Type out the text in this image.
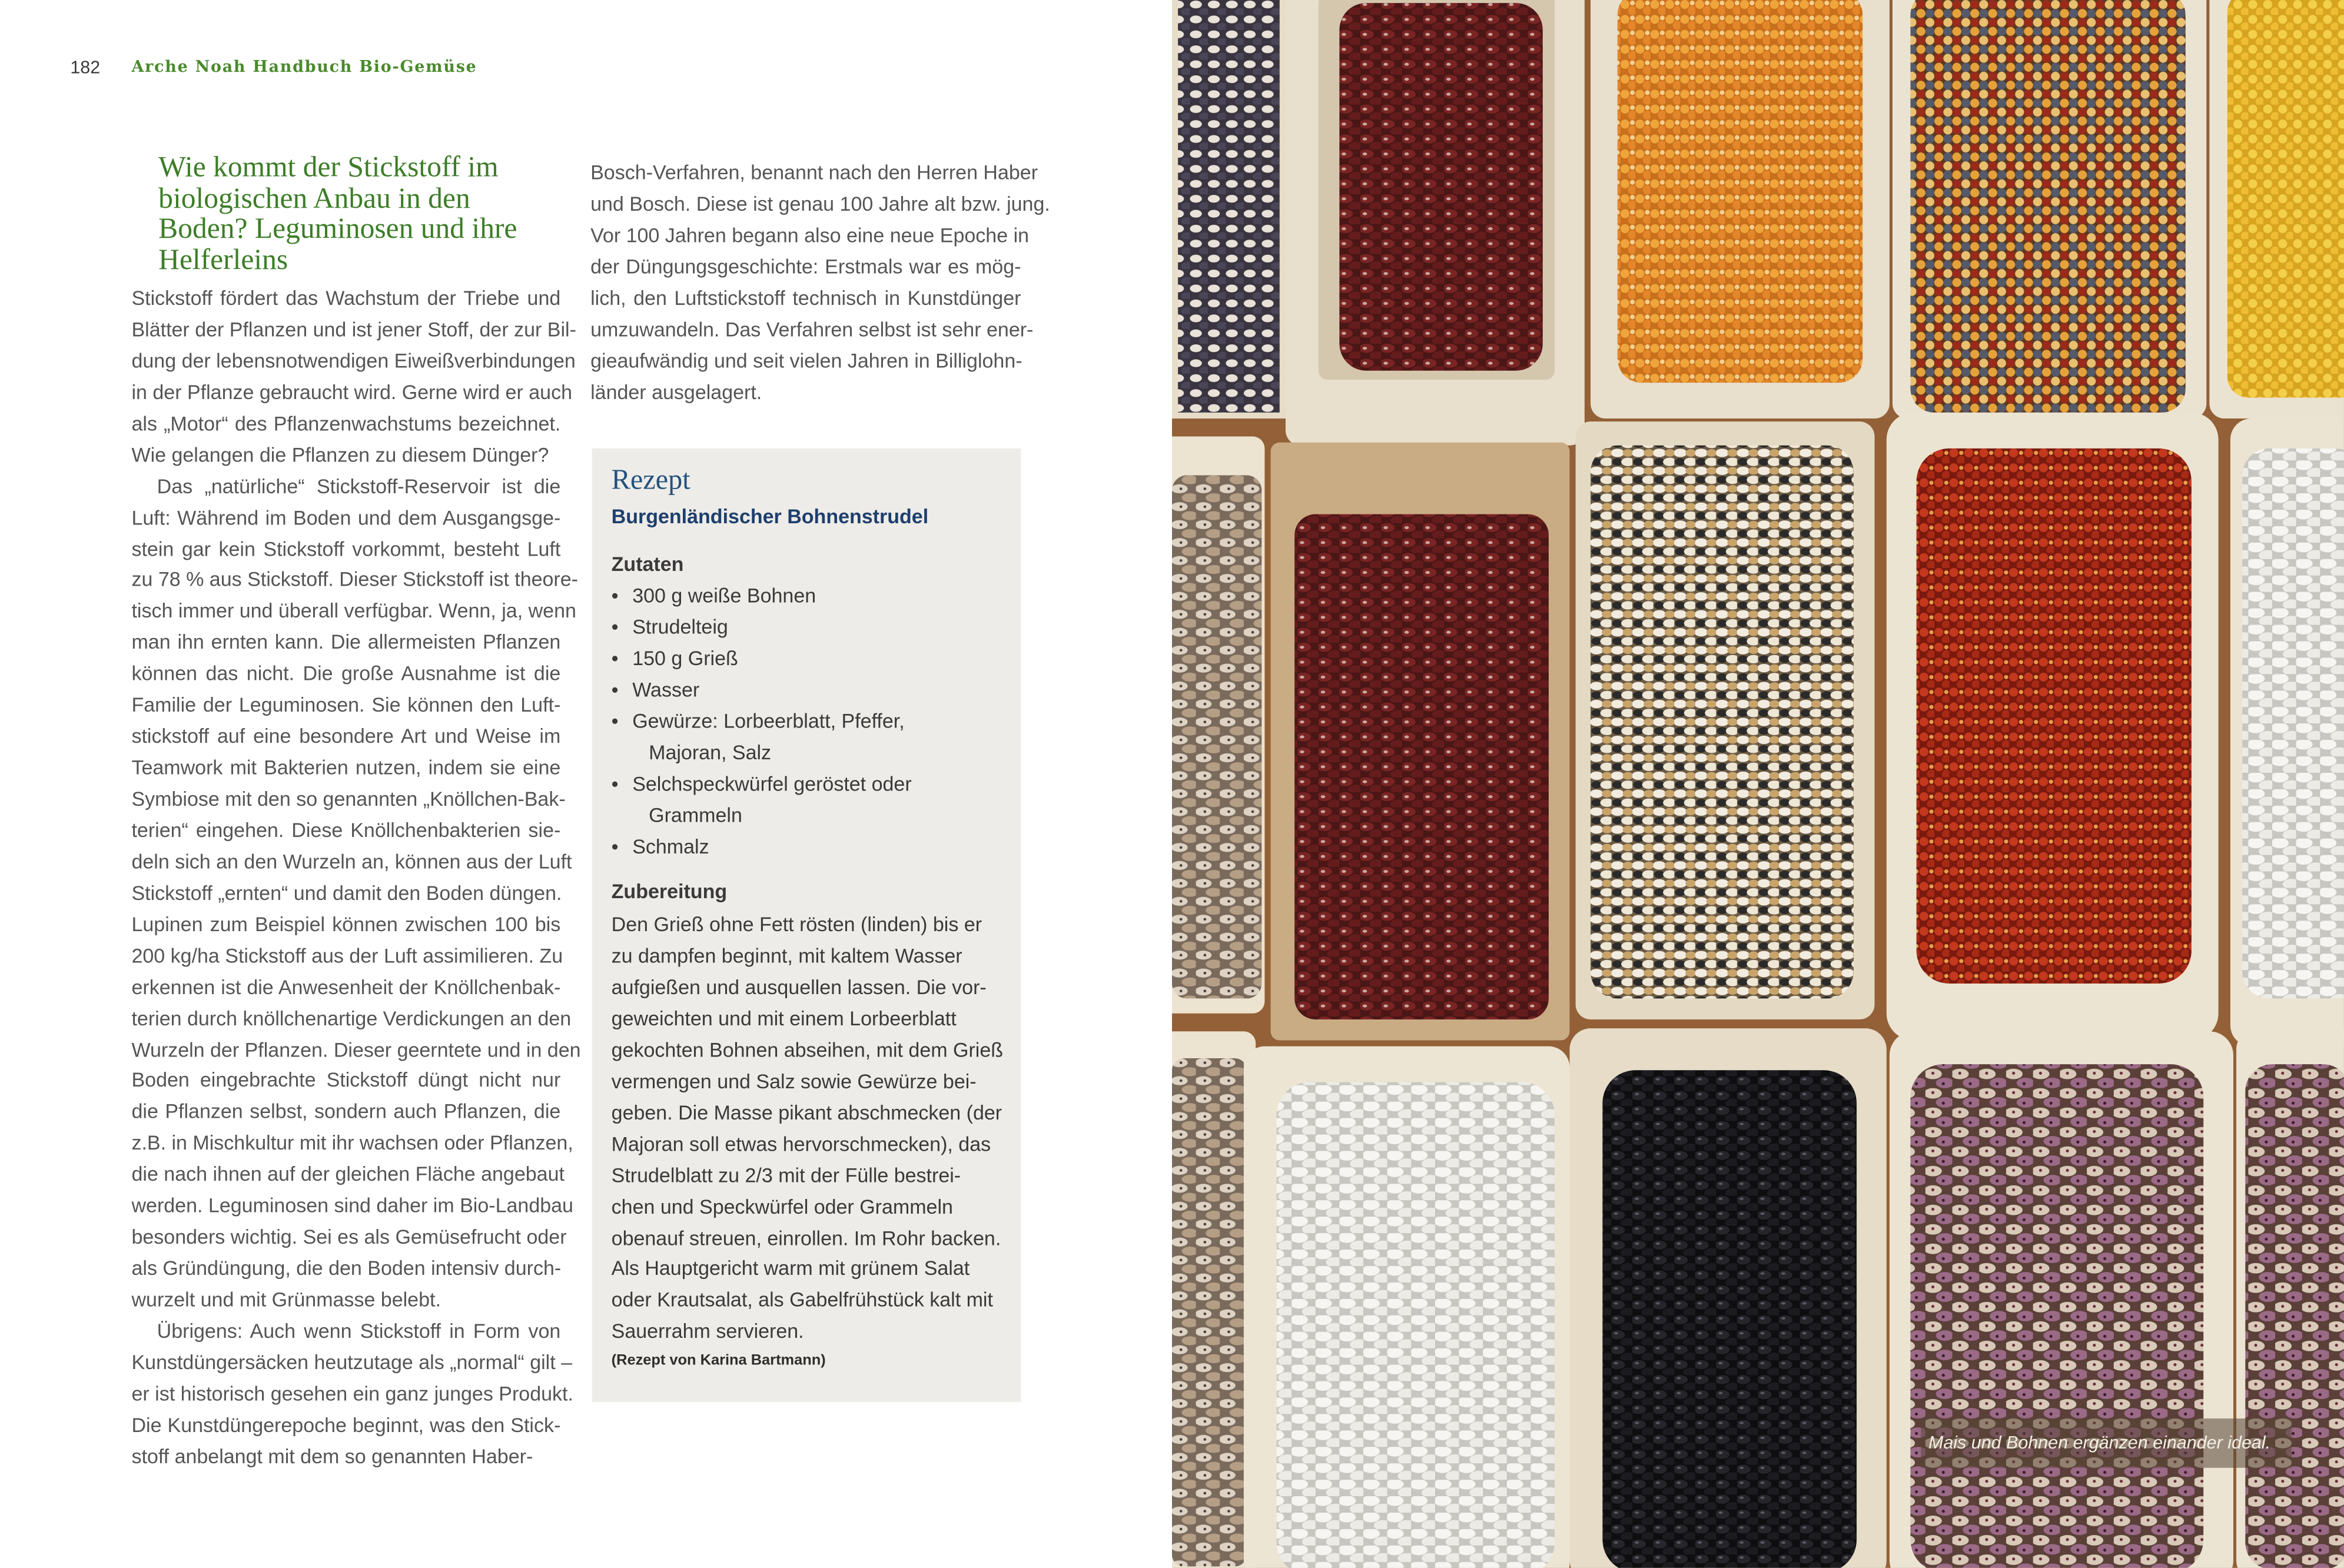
182	Arche Noah Handbuch Bio-Gemüse
Wie kommt der Stickstoff im
biologischen Anbau in den
Boden? Leguminosen und ihre
Helferleins
Stickstoff fördert das Wachstum der Triebe und
Blätter der Pflanzen und ist jener Stoff, der zur Bil-
dung der lebensnotwendigen Eiweißverbindungen
in der Pflanze gebraucht wird. Gerne wird er auch
als „Motor“ des Pflanzenwachstums bezeichnet.
Wie gelangen die Pflanzen zu diesem Dünger?
Das „natürliche“ Stickstoff-Reservoir ist die
Luft: Während im Boden und dem Ausgangsge-
stein gar kein Stickstoff vorkommt, besteht Luft
zu 78 % aus Stickstoff. Dieser Stickstoff ist theore-
tisch immer und überall verfügbar. Wenn, ja, wenn
man ihn ernten kann. Die allermeisten Pflanzen
können das nicht. Die große Ausnahme ist die
Familie der Leguminosen. Sie können den Luft-
stickstoff auf eine besondere Art und Weise im
Teamwork mit Bakterien nutzen, indem sie eine
Symbiose mit den so genannten „Knöllchen-Bak-
terien“ eingehen. Diese Knöllchenbakterien sie-
deln sich an den Wurzeln an, können aus der Luft
Stickstoff „ernten“ und damit den Boden düngen.
Lupinen zum Beispiel können zwischen 100 bis
200 kg/ha Stickstoff aus der Luft assimilieren. Zu
erkennen ist die Anwesenheit der Knöllchenbak-
terien durch knöllchenartige Verdickungen an den
Wurzeln der Pflanzen. Dieser geerntete und in den
Boden eingebrachte Stickstoff düngt nicht nur
die Pflanzen selbst, sondern auch Pflanzen, die
z.B. in Mischkultur mit ihr wachsen oder Pflanzen,
die nach ihnen auf der gleichen Fläche angebaut
werden. Leguminosen sind daher im Bio-Landbau
besonders wichtig. Sei es als Gemüsefrucht oder
als Gründüngung, die den Boden intensiv durch-
wurzelt und mit Grünmasse belebt.
Übrigens: Auch wenn Stickstoff in Form von
Kunstdüngersäcken heutzutage als „normal“ gilt –
er ist historisch gesehen ein ganz junges Produkt.
Die Kunstdüngerepoche beginnt, was den Stick-
stoff anbelangt mit dem so genannten Haber-
Bosch-Verfahren, benannt nach den Herren Haber
und Bosch. Diese ist genau 100 Jahre alt bzw. jung.
Vor 100 Jahren begann also eine neue Epoche in
der Düngungsgeschichte: Erstmals war es mög-
lich, den Luftstickstoff technisch in Kunstdünger
umzuwandeln. Das Verfahren selbst ist sehr ener-
gieaufwändig und seit vielen Jahren in Billiglohn-
länder ausgelagert.
Rezept
Burgenländischer Bohnenstrudel
Zutaten
•	300 g weiße Bohnen
•	Strudelteig
•	150 g Grieß
•	Wasser
•	Gewürze: Lorbeerblatt, Pfeffer,
Majoran, Salz
•	Selchspeckwürfel geröstet oder
Grammeln
•	Schmalz
Zubereitung
Den Grieß ohne Fett rösten (linden) bis er
zu dampfen beginnt, mit kaltem Wasser
aufgießen und ausquellen lassen. Die vor-
geweichten und mit einem Lorbeerblatt
gekochten Bohnen abseihen, mit dem Grieß
vermengen und Salz sowie Gewürze bei-
geben. Die Masse pikant abschmecken (der
Majoran soll etwas hervorschmecken), das
Strudelblatt zu 2/3 mit der Fülle bestrei-
chen und Speckwürfel oder Grammeln
obenauf streuen, einrollen. Im Rohr backen.
Als Hauptgericht warm mit grünem Salat
oder Krautsalat, als Gabelfrühstück kalt mit
Sauerrahm servieren.
(Rezept von Karina Bartmann)
Mais und Bohnen ergänzen einander ideal.
